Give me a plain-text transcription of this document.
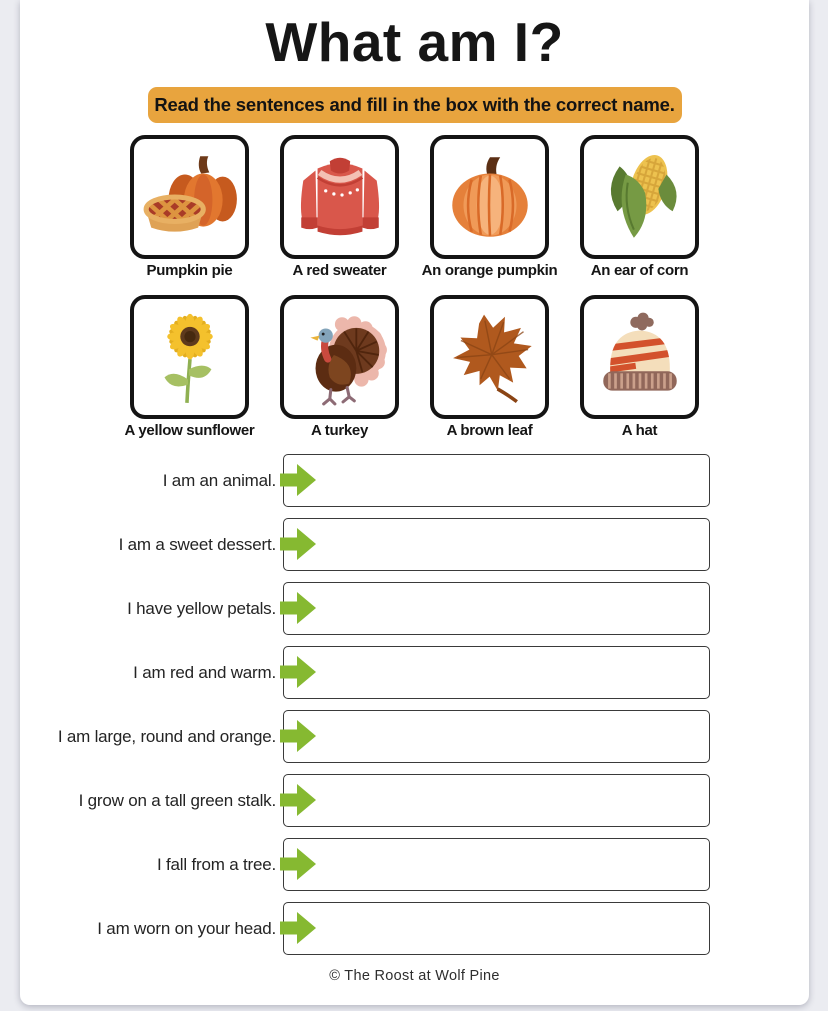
What am I?
Read the sentences and fill in the box with the correct name.
Pumpkin pie	A red sweater An orange pumpkin An ear of corn
A yellow sunflower	A turkey	A brown leaf	A hat
I am an animal.
I am a sweet dessert.
I have yellow petals.
I am red and warm.
I am large, round and orange.
I grow on a tall green stalk.
I fall from a tree.
I am worn on your head.
© The Roost at Wolf Pine
